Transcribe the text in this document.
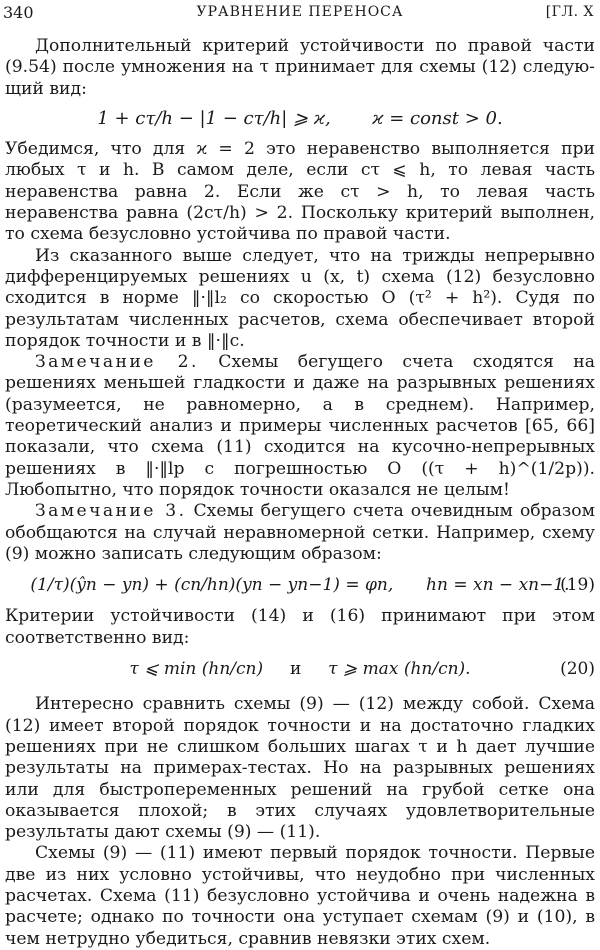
340	УРАВНЕНИЕ ПЕРЕНОСА	[ГЛ. X

Дополнительный критерий устойчивости по правой части (9.54) после умножения на τ принимает для схемы (12) следую- щий вид:

1 + cτ/h − |1 − cτ/h| ⩾ ϰ, ϰ = const > 0.

Убедимся, что для ϰ = 2 это неравенство выполняется при любых τ и h. В самом деле, если cτ ⩽ h, то левая часть неравенства равна 2. Если же cτ > h, то левая часть неравенства равна (2cτ/h) > 2. Поскольку критерий выполнен, то схема безусловно устойчива по правой части.

Из сказанного выше следует, что на трижды непрерывно дифференцируемых решениях u (x, t) схема (12) безусловно сходится в норме ‖·‖l₂ со скоростью O (τ² + h²). Судя по результатам численных расчетов, схема обеспечивает второй порядок точности и в ‖·‖c.

Замечание 2. Схемы бегущего счета сходятся на решениях меньшей гладкости и даже на разрывных решениях (разумеется, не равномерно, а в среднем). Например, теоретический анализ и примеры численных расчетов [65, 66] показали, что схема (11) сходится на кусочно-непрерывных решениях в ‖·‖lp с погрешностью O ((τ + h)^(1/2p)). Любопытно, что порядок точности оказался не целым!

Замечание 3. Схемы бегущего счета очевидным образом обобщаются на случай неравномерной сетки. Например, схему (9) можно записать следующим образом:

(1/τ)(ŷn − yn) + (cn/hn)(yn − yn−1) = φn, hn = xn − xn−1.
(19)

Критерии устойчивости (14) и (16) принимают при этом соответственно вид:

τ ⩽ min (hn/cn) и τ ⩾ max (hn/cn).	(20)

Интересно сравнить схемы (9) — (12) между собой. Схема (12) имеет второй порядок точности и на достаточно гладких решениях при не слишком больших шагах τ и h дает лучшие результаты на примерах-тестах. Но на разрывных решениях или для быстропеременных решений на грубой сетке она оказывается плохой; в этих случаях удовлетворительные результаты дают схемы (9) — (11).

Схемы (9) — (11) имеют первый порядок точности. Первые две из них условно устойчивы, что неудобно при численных расчетах. Схема (11) безусловно устойчива и очень надежна в расчете; однако по точности она уступает схемам (9) и (10), в чем нетрудно убедиться, сравнив невязки этих схем.
